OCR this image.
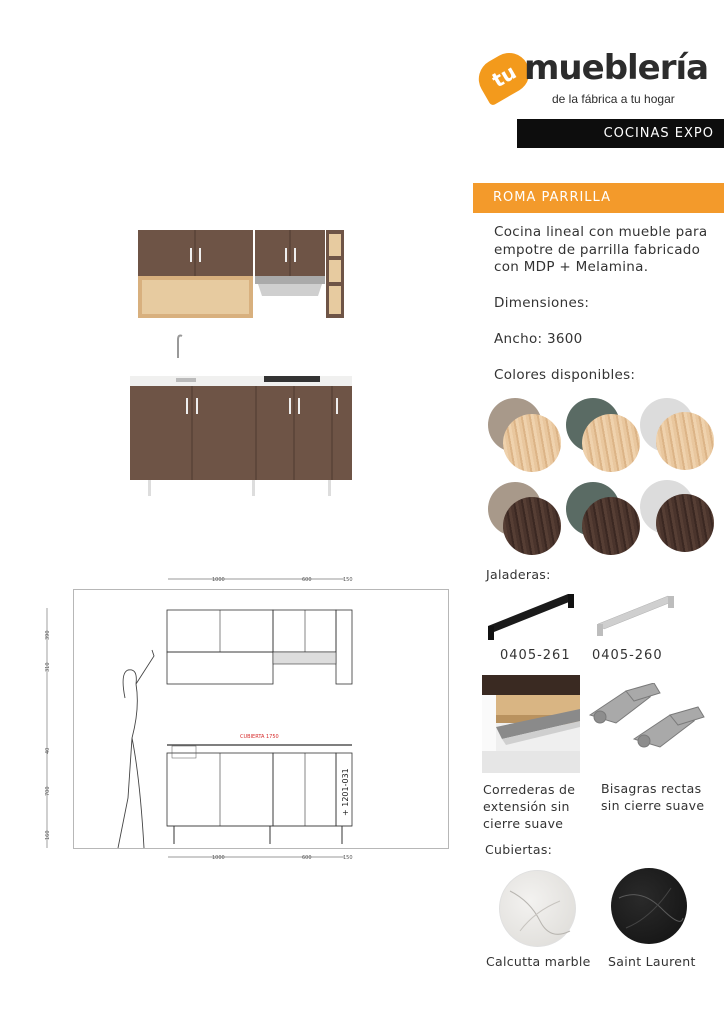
tu mueblería
de la fábrica a tu hogar
COCINAS EXPO
ROMA PARRILLA
Cocina lineal con mueble para empotre de parrilla fabricado con MDP + Melamina.
Dimensiones:
Ancho: 3600
Colores disponibles:
Jaladeras:
0405-261 0405-260
Correderas de extensión sin cierre suave
Bisagras rectas sin cierre suave
Cubiertas:
Calcutta marble Saint Laurent
1000	600	150
CUBIERTA 1750
+ 1201-031
1000	600	150
390
310
40
700
160
